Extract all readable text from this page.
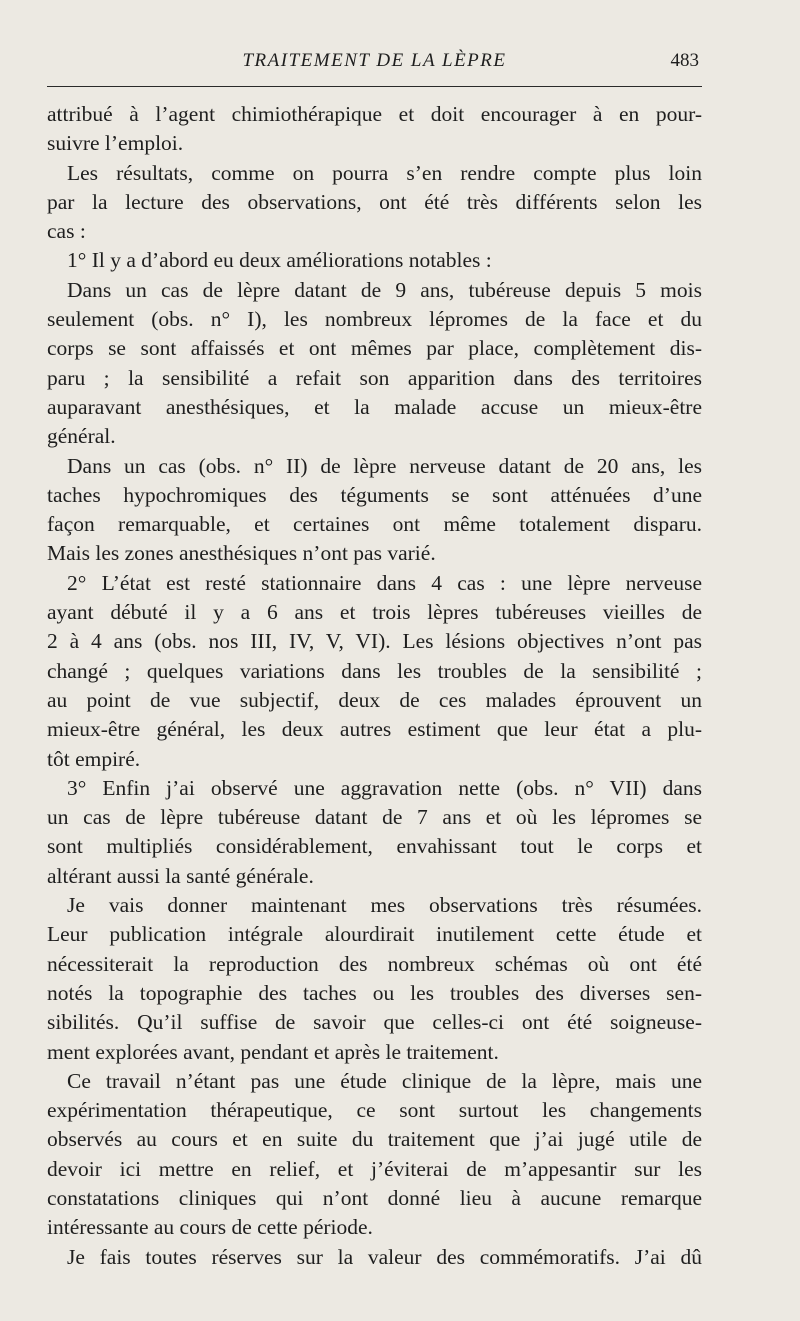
TRAITEMENT DE LA LÈPRE	483
attribué à l’agent chimiothérapique et doit encourager à en pour-
suivre l’emploi.
Les résultats, comme on pourra s’en rendre compte plus loin
par la lecture des observations, ont été très différents selon les
cas :
1° Il y a d’abord eu deux améliorations notables :
Dans un cas de lèpre datant de 9 ans, tubéreuse depuis 5 mois
seulement (obs. n° I), les nombreux lépromes de la face et du
corps se sont affaissés et ont mêmes par place, complètement dis-
paru ; la sensibilité a refait son apparition dans des territoires
auparavant anesthésiques, et la malade accuse un mieux-être
général.
Dans un cas (obs. n° II) de lèpre nerveuse datant de 20 ans, les
taches hypochromiques des téguments se sont atténuées d’une
façon remarquable, et certaines ont même totalement disparu.
Mais les zones anesthésiques n’ont pas varié.
2° L’état est resté stationnaire dans 4 cas : une lèpre nerveuse
ayant débuté il y a 6 ans et trois lèpres tubéreuses vieilles de
2 à 4 ans (obs. nos III, IV, V, VI). Les lésions objectives n’ont pas
changé ; quelques variations dans les troubles de la sensibilité ;
au point de vue subjectif, deux de ces malades éprouvent un
mieux-être général, les deux autres estiment que leur état a plu-
tôt empiré.
3° Enfin j’ai observé une aggravation nette (obs. n° VII) dans
un cas de lèpre tubéreuse datant de 7 ans et où les lépromes se
sont multipliés considérablement, envahissant tout le corps et
altérant aussi la santé générale.
Je vais donner maintenant mes observations très résumées.
Leur publication intégrale alourdirait inutilement cette étude et
nécessiterait la reproduction des nombreux schémas où ont été
notés la topographie des taches ou les troubles des diverses sen-
sibilités. Qu’il suffise de savoir que celles-ci ont été soigneuse-
ment explorées avant, pendant et après le traitement.
Ce travail n’étant pas une étude clinique de la lèpre, mais une
expérimentation thérapeutique, ce sont surtout les changements
observés au cours et en suite du traitement que j’ai jugé utile de
devoir ici mettre en relief, et j’éviterai de m’appesantir sur les
constatations cliniques qui n’ont donné lieu à aucune remarque
intéressante au cours de cette période.
Je fais toutes réserves sur la valeur des commémoratifs. J’ai dû
